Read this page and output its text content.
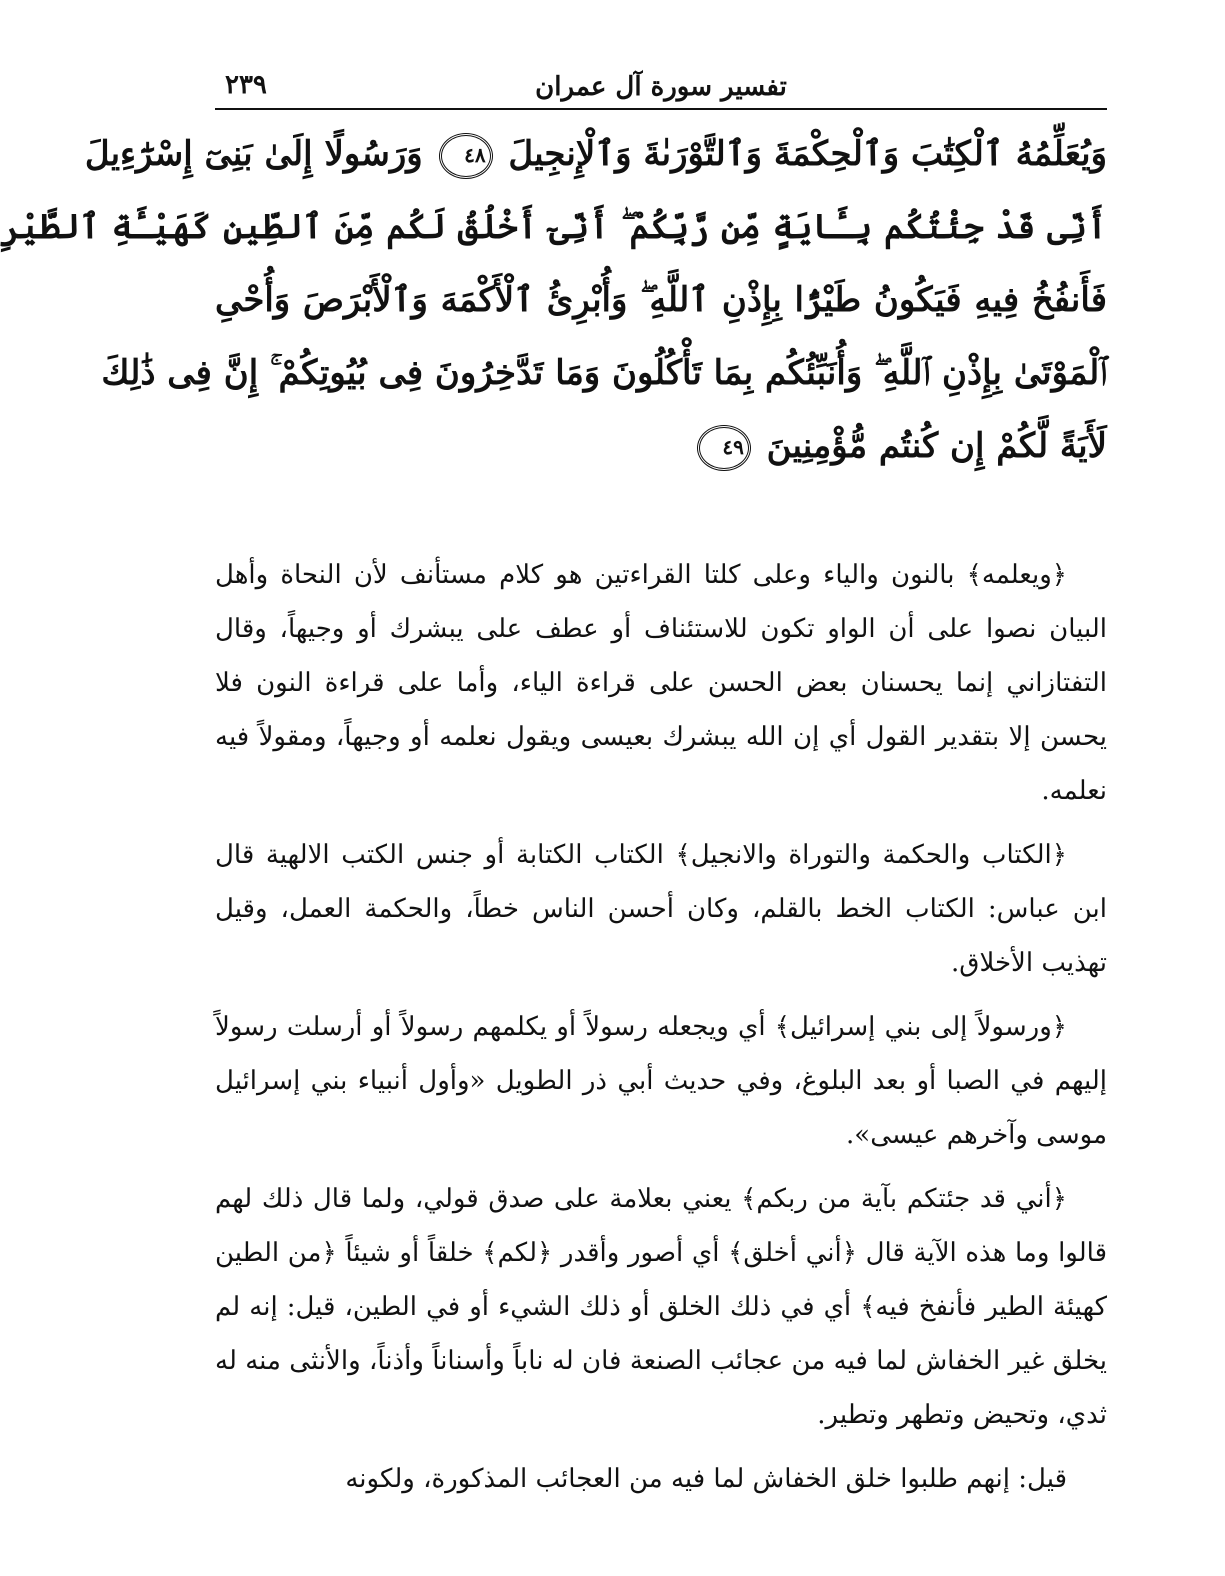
تفسير سورة آل عمران
٢٣٩
وَيُعَلِّمُهُ ٱلْكِتَٰبَ وَٱلْحِكْمَةَ وَٱلتَّوْرَىٰةَ وَٱلْإِنجِيلَ ٤٨ وَرَسُولًا إِلَىٰ بَنِىٓ إِسْرَٰٓءِيلَ
أَنِّى قَدْ جِئْتُكُم بِـَٔايَةٍ مِّن رَّبِّكُمْ ۖ أَنِّىٓ أَخْلُقُ لَكُم مِّنَ ٱلطِّينِ كَهَيْـَٔةِ ٱلطَّيْرِ
فَأَنفُخُ فِيهِ فَيَكُونُ طَيْرًۢا بِإِذْنِ ٱللَّهِ ۖ وَأُبْرِئُ ٱلْأَكْمَهَ وَٱلْأَبْرَصَ وَأُحْىِ
ٱلْمَوْتَىٰ بِإِذْنِ ٱللَّهِ ۖ وَأُنَبِّئُكُم بِمَا تَأْكُلُونَ وَمَا تَدَّخِرُونَ فِى بُيُوتِكُمْ ۚ إِنَّ فِى ذَٰلِكَ
لَأَيَةً لَّكُمْ إِن كُنتُم مُّؤْمِنِينَ ٤٩

﴿ويعلمه﴾ بالنون والياء وعلى كلتا القراءتين هو كلام مستأنف لأن النحاة وأهل البيان نصوا على أن الواو تكون للاستئناف أو عطف على يبشرك أو وجيهاً، وقال التفتازاني إنما يحسنان بعض الحسن على قراءة الياء، وأما على قراءة النون فلا يحسن إلا بتقدير القول أي إن الله يبشرك بعيسى ويقول نعلمه أو وجيهاً، ومقولاً فيه نعلمه.

﴿الكتاب والحكمة والتوراة والانجيل﴾ الكتاب الكتابة أو جنس الكتب الالهية قال ابن عباس: الكتاب الخط بالقلم، وكان أحسن الناس خطاً، والحكمة العمل، وقيل تهذيب الأخلاق.

﴿ورسولاً إلى بني إسرائيل﴾ أي ويجعله رسولاً أو يكلمهم رسولاً أو أرسلت رسولاً إليهم في الصبا أو بعد البلوغ، وفي حديث أبي ذر الطويل «وأول أنبياء بني إسرائيل موسى وآخرهم عيسى».

﴿أني قد جئتكم بآية من ربكم﴾ يعني بعلامة على صدق قولي، ولما قال ذلك لهم قالوا وما هذه الآية قال ﴿أني أخلق﴾ أي أصور وأقدر ﴿لكم﴾ خلقاً أو شيئاً ﴿من الطين كهيئة الطير فأنفخ فيه﴾ أي في ذلك الخلق أو ذلك الشيء أو في الطين، قيل: إنه لم يخلق غير الخفاش لما فيه من عجائب الصنعة فان له ناباً وأسناناً وأذناً، والأنثى منه له ثدي، وتحيض وتطهر وتطير.

قيل: إنهم طلبوا خلق الخفاش لما فيه من العجائب المذكورة، ولكونه
